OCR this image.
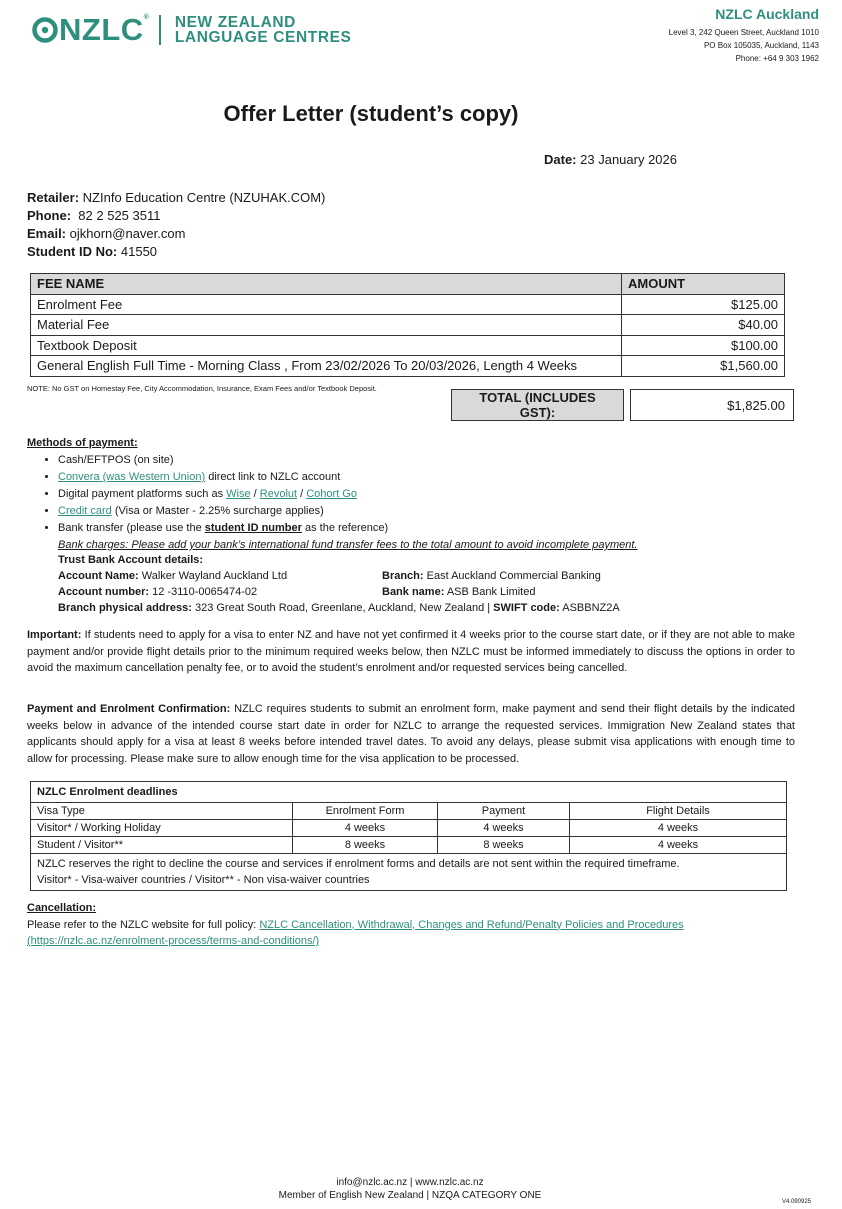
NZLC ® NEW ZEALAND
LANGUAGE CENTRES
NZLC Auckland
Level 3, 242 Queen Street, Auckland 1010
PO Box 105035, Auckland, 1143
Phone: +64 9 303 1962
Offer Letter (student’s copy)
Date: 23 January 2026
Retailer: NZInfo Education Centre (NZUHAK.COM)
Phone: 82 2 525 3511
Email: ojkhorn@naver.com
Student ID No: 41550
FEE NAME	AMOUNT
Enrolment Fee	$125.00
Material Fee	$40.00
Textbook Deposit	$100.00
General English Full Time - Morning Class , From 23/02/2026 To 20/03/2026, Length 4 Weeks	$1,560.00
NOTE: No GST on Homestay Fee, City Accommodation, Insurance, Exam Fees and/or Textbook Deposit.
TOTAL (INCLUDES GST):		$1,825.00
Methods of payment:
• Cash/EFTPOS (on site)
• Convera (was Western Union) direct link to NZLC account
• Digital payment platforms such as Wise / Revolut / Cohort Go
• Credit card (Visa or Master - 2.25% surcharge applies)
• Bank transfer (please use the student ID number as the reference)
Bank charges: Please add your bank’s international fund transfer fees to the total amount to avoid incomplete payment.
Trust Bank Account details:
Account Name: Walker Wayland Auckland Ltd	Branch: East Auckland Commercial Banking
Account number: 12 -3110-0065474-02	Bank name: ASB Bank Limited
Branch physical address: 323 Great South Road, Greenlane, Auckland, New Zealand | SWIFT code: ASBBNZ2A
Important: If students need to apply for a visa to enter NZ and have not yet confirmed it 4 weeks prior to the course start date, or if they are not able to make payment and/or provide flight details prior to the minimum required weeks below, then NZLC must be informed immediately to discuss the options in order to avoid the maximum cancellation penalty fee, or to avoid the student’s enrolment and/or requested services being cancelled.
Payment and Enrolment Confirmation: NZLC requires students to submit an enrolment form, make payment and send their flight details by the indicated weeks below in advance of the intended course start date in order for NZLC to arrange the requested services. Immigration New Zealand states that applicants should apply for a visa at least 8 weeks before intended travel dates. To avoid any delays, please submit visa applications with enough time to allow for processing. Please make sure to allow enough time for the visa application to be processed.
NZLC Enrolment deadlines			
Visa Type	Enrolment Form	Payment	Flight Details
Visitor* / Working Holiday	4 weeks	4 weeks	4 weeks
Student / Visitor**	8 weeks	8 weeks	4 weeks

NZLC reserves the right to decline the course and services if enrolment forms and details are not sent within the required timeframe.
Visitor* - Visa-waiver countries / Visitor** - Non visa-waiver countries			
Cancellation:
Please refer to the NZLC website for full policy: NZLC Cancellation, Withdrawal, Changes and Refund/Penalty Policies and Procedures
(https://nzlc.ac.nz/enrolment-process/terms-and-conditions/)
info@nzlc.ac.nz | www.nzlc.ac.nz
Member of English New Zealand | NZQA CATEGORY ONE
V4.090925
